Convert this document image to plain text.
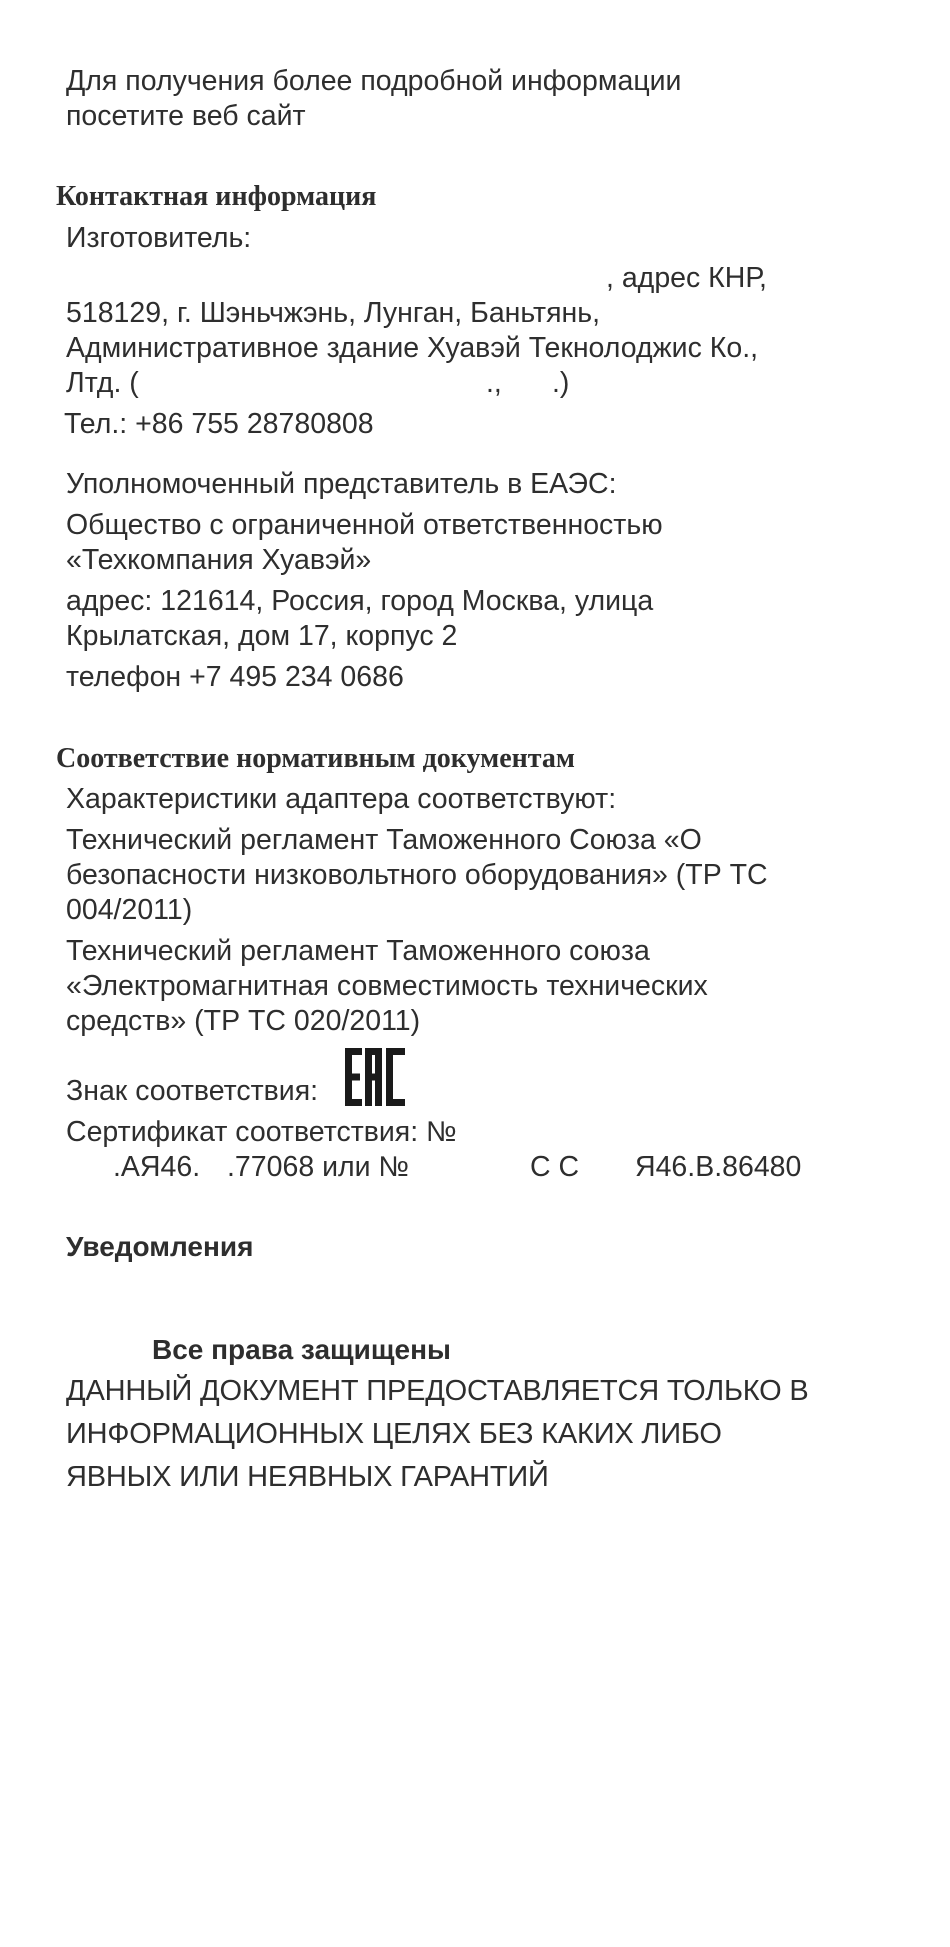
Для получения более подробной информации
посетите веб сайт
Контактная информация
Изготовитель:
, адрес КНР,
518129, г. Шэньчжэнь, Лунган, Баньтянь,
Административное здание Хуавэй Текнолоджис Ко.,
Лтд. (	., .)
Тел.: +86 755 28780808
Уполномоченный представитель в ЕАЭС:
Общество с ограниченной ответственностью
«Техкомпания Хуавэй»
адрес: 121614, Россия, город Москва, улица
Крылатская, дом 17, корпус 2
телефон +7 495 234 0686
Соответствие нормативным документам
Характеристики адаптера соответствуют:
Технический регламент Таможенного Союза «О
безопасности низковольтного оборудования» (ТР ТС
004/2011)
Технический регламент Таможенного союза
«Электромагнитная совместимость технических
средств» (ТР ТС 020/2011)
Знак соответствия:
Сертификат соответствия: №
.АЯ46. .77068 или №	С С Я46.В.86480
Уведомления
Все права защищены
ДАННЫЙ ДОКУМЕНТ ПРЕДОСТАВЛЯЕТСЯ ТОЛЬКО В
ИНФОРМАЦИОННЫХ ЦЕЛЯХ БЕЗ КАКИХ ЛИБО
ЯВНЫХ ИЛИ НЕЯВНЫХ ГАРАНТИЙ
